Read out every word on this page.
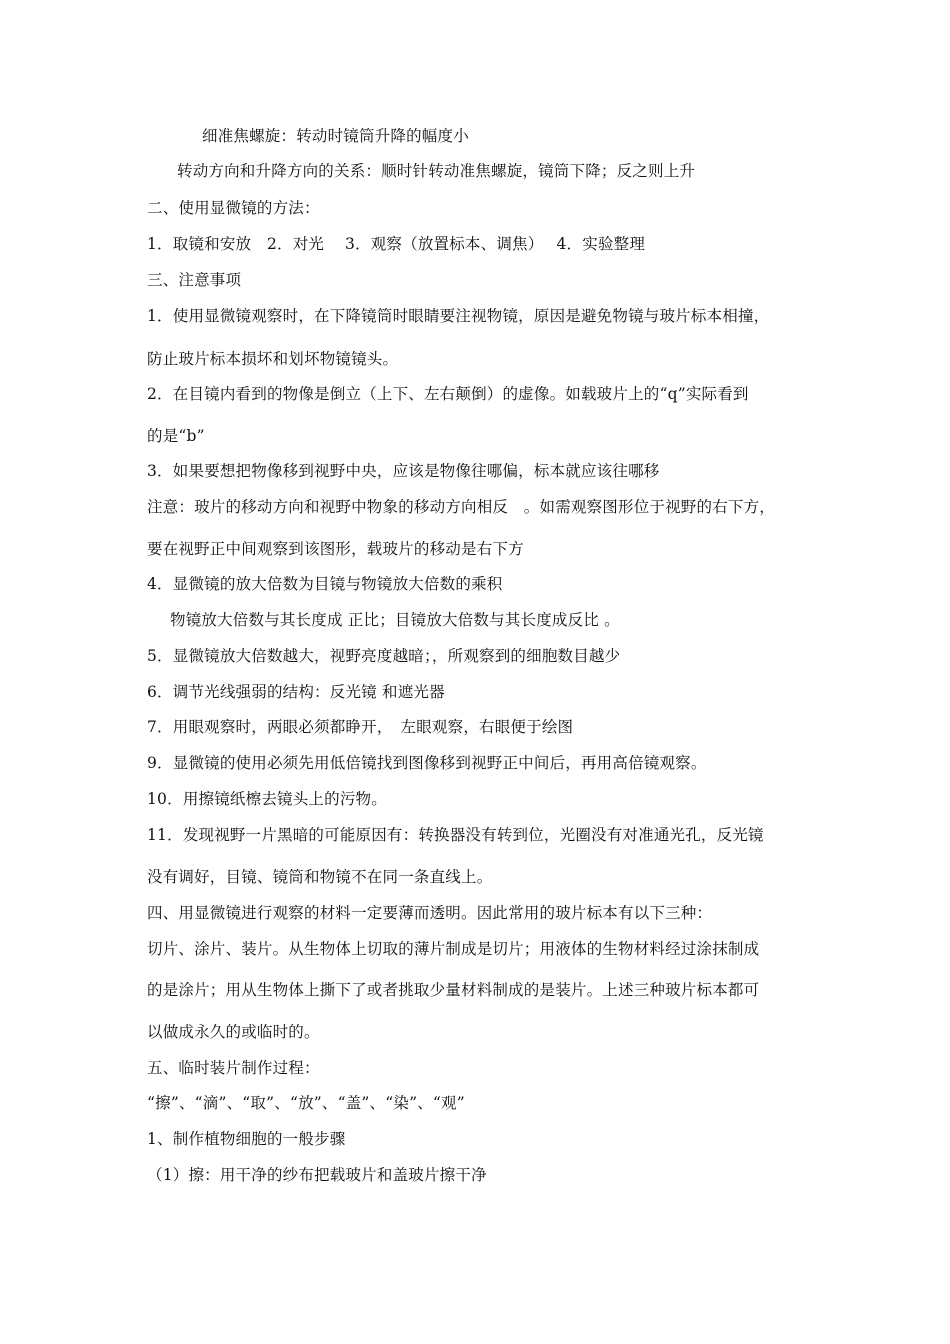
细准焦螺旋：转动时镜筒升降的幅度小
转动方向和升降方向的关系：顺时针转动准焦螺旋，镜筒下降；反之则上升
二、使用显微镜的方法：
1．取镜和安放　2．对光　 3．观察（放置标本、调焦）　 4．实验整理
三、注意事项
1．使用显微镜观察时，在下降镜筒时眼睛要注视物镜，原因是避免物镜与玻片标本相撞，
防止玻片标本损坏和划坏物镜镜头。
2．在目镜内看到的物像是倒立（上下、左右颠倒）的虚像。如载玻片上的“q”实际看到
的是“b”
3．如果要想把物像移到视野中央，应该是物像往哪偏，标本就应该往哪移
注意：玻片的移动方向和视野中物象的移动方向相反　。如需观察图形位于视野的右下方，
要在视野正中间观察到该图形，载玻片的移动是右下方
4．显微镜的放大倍数为目镜与物镜放大倍数的乘积
物镜放大倍数与其长度成 正比；目镜放大倍数与其长度成反比 。
5．显微镜放大倍数越大，视野亮度越暗；，所观察到的细胞数目越少
6．调节光线强弱的结构：反光镜 和遮光器
7．用眼观察时，两眼必须都睁开，　左眼观察，右眼便于绘图
9．显微镜的使用必须先用低倍镜找到图像移到视野正中间后，再用高倍镜观察。
10．用擦镜纸檫去镜头上的污物。
11．发现视野一片黑暗的可能原因有：转换器没有转到位，光圈没有对准通光孔，反光镜
没有调好，目镜、镜筒和物镜不在同一条直线上。
四、用显微镜进行观察的材料一定要薄而透明。因此常用的玻片标本有以下三种：
切片、涂片、装片。从生物体上切取的薄片制成是切片；用液体的生物材料经过涂抹制成
的是涂片；用从生物体上撕下了或者挑取少量材料制成的是装片。上述三种玻片标本都可
以做成永久的或临时的。
五、临时装片制作过程：
“擦”、“滴”、“取”、“放”、“盖”、“染”、“观”
1、制作植物细胞的一般步骤
（1）擦：用干净的纱布把载玻片和盖玻片擦干净
